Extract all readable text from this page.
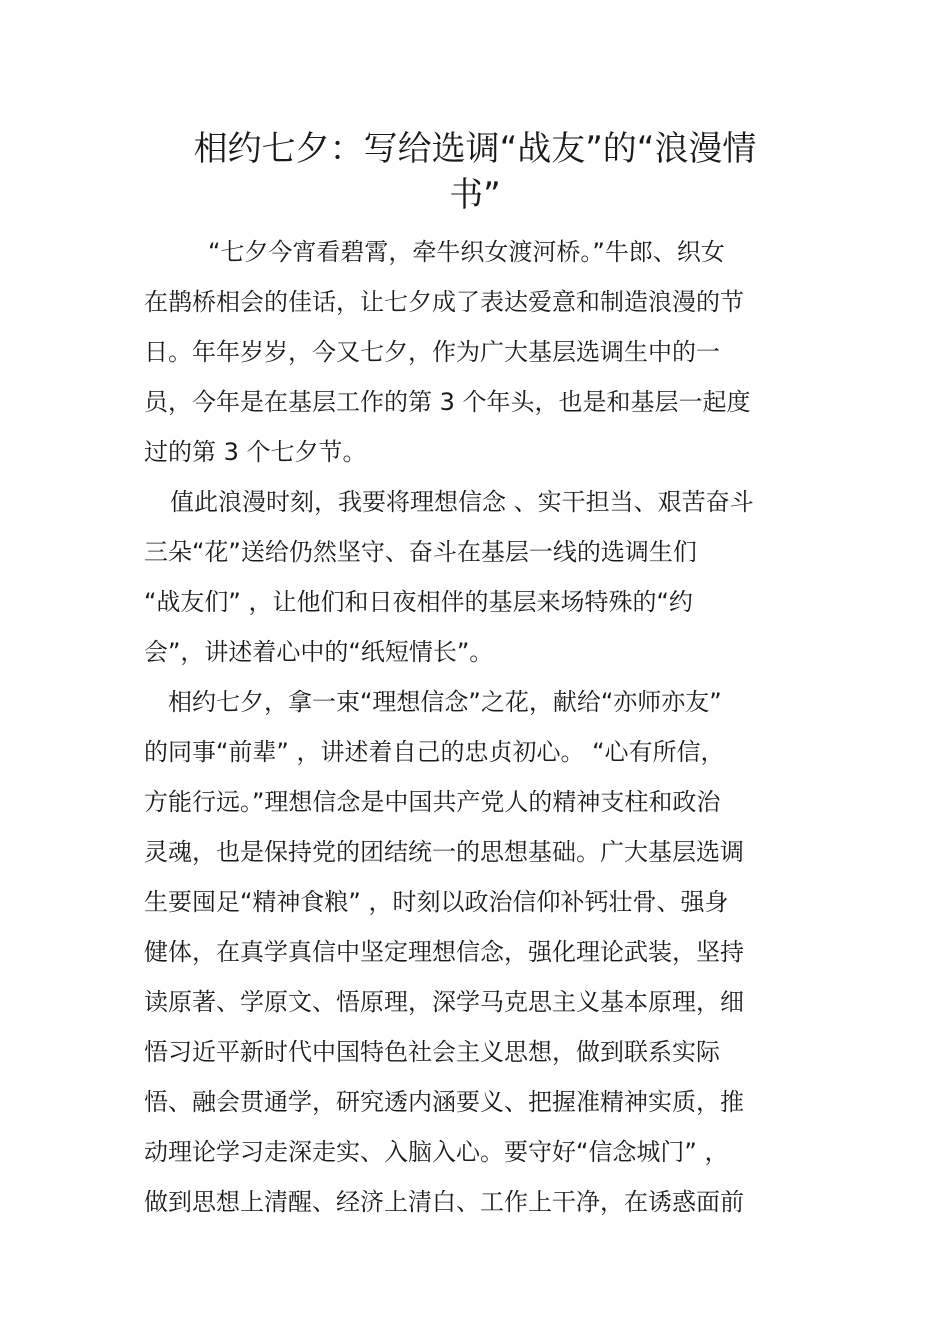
相约七夕：写给选调“战友”的“浪漫情
书”

“七夕今宵看碧霄，牵牛织女渡河桥。”牛郎、织女

在鹊桥相会的佳话，让七夕成了表达爱意和制造浪漫的节

日。年年岁岁，今又七夕，作为广大基层选调生中的一

员，今年是在基层工作的第 3 个年头，也是和基层一起度

过的第 3 个七夕节。

值此浪漫时刻，我要将理想信念 、实干担当、艰苦奋斗

三朵“花”送给仍然坚守、奋斗在基层一线的选调生们

“战友们” ，让他们和日夜相伴的基层来场特殊的“约

会”，讲述着心中的“纸短情长”。

相约七夕，拿一束“理想信念”之花，献给“亦师亦友”

的同事“前辈” ，讲述着自己的忠贞初心。 “心有所信，

方能行远。”理想信念是中国共产党人的精神支柱和政治

灵魂，也是保持党的团结统一的思想基础。广大基层选调

生要囤足“精神食粮” ，时刻以政治信仰补钙壮骨、强身

健体，在真学真信中坚定理想信念，强化理论武装，坚持

读原著、学原文、悟原理，深学马克思主义基本原理，细

悟习近平新时代中国特色社会主义思想，做到联系实际

悟、融会贯通学，研究透内涵要义、把握准精神实质，推

动理论学习走深走实、入脑入心。要守好“信念城门” ，

做到思想上清醒、经济上清白、工作上干净，在诱惑面前
